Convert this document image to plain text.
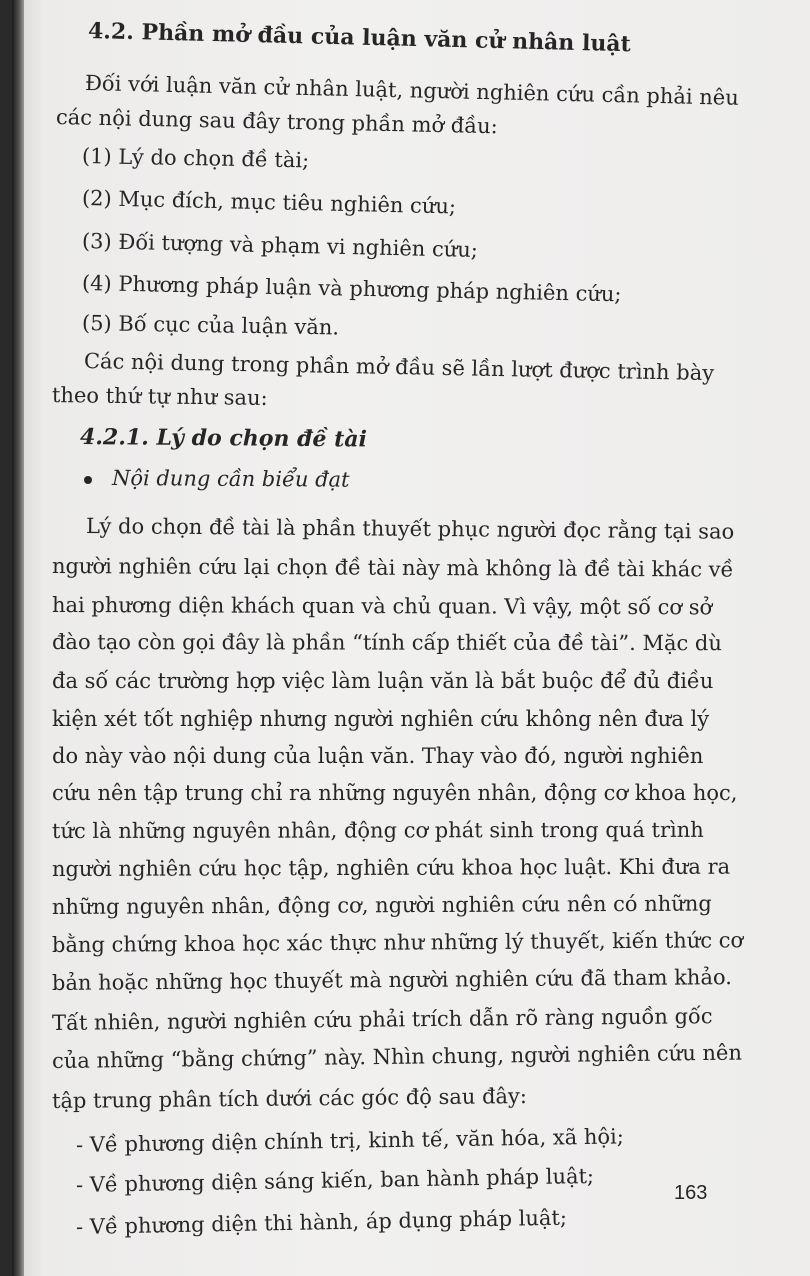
4.2. Phần mở đầu của luận văn cử nhân luật
Đối với luận văn cử nhân luật, người nghiên cứu cần phải nêu
các nội dung sau đây trong phần mở đầu:
(1) Lý do chọn đề tài;
(2) Mục đích, mục tiêu nghiên cứu;
(3) Đối tượng và phạm vi nghiên cứu;
(4) Phương pháp luận và phương pháp nghiên cứu;
(5) Bố cục của luận văn.
Các nội dung trong phần mở đầu sẽ lần lượt được trình bày
theo thứ tự như sau:
4.2.1. Lý do chọn đề tài
Nội dung cần biểu đạt
Lý do chọn đề tài là phần thuyết phục người đọc rằng tại sao
người nghiên cứu lại chọn đề tài này mà không là đề tài khác về
hai phương diện khách quan và chủ quan. Vì vậy, một số cơ sở
đào tạo còn gọi đây là phần “tính cấp thiết của đề tài”. Mặc dù
đa số các trường hợp việc làm luận văn là bắt buộc để đủ điều
kiện xét tốt nghiệp nhưng người nghiên cứu không nên đưa lý
do này vào nội dung của luận văn. Thay vào đó, người nghiên
cứu nên tập trung chỉ ra những nguyên nhân, động cơ khoa học,
tức là những nguyên nhân, động cơ phát sinh trong quá trình
người nghiên cứu học tập, nghiên cứu khoa học luật. Khi đưa ra
những nguyên nhân, động cơ, người nghiên cứu nên có những
bằng chứng khoa học xác thực như những lý thuyết, kiến thức cơ
bản hoặc những học thuyết mà người nghiên cứu đã tham khảo.
Tất nhiên, người nghiên cứu phải trích dẫn rõ ràng nguồn gốc
của những “bằng chứng” này. Nhìn chung, người nghiên cứu nên
tập trung phân tích dưới các góc độ sau đây:
- Về phương diện chính trị, kinh tế, văn hóa, xã hội;
- Về phương diện sáng kiến, ban hành pháp luật;
- Về phương diện thi hành, áp dụng pháp luật;
163
